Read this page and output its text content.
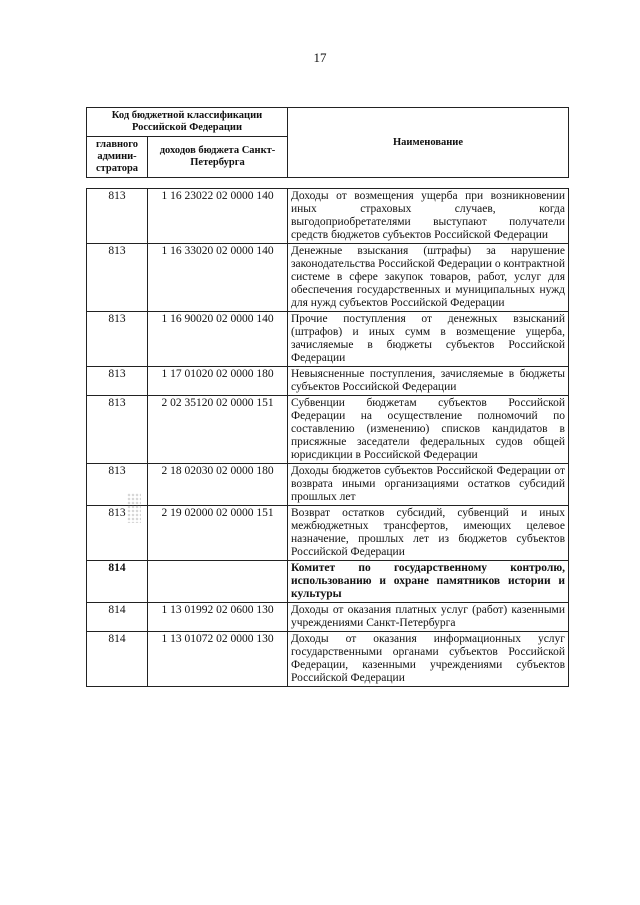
17
Код бюджетной классификации Российской Федерации		Наименование
главного админи-стратора	доходов бюджета Санкт-Петербурга	
813	1 16 23022 02 0000 140	Доходы от возмещения ущерба при возникновении иных страховых случаев, когда выгодоприобретателями выступают получатели средств бюджетов субъектов Российской Федерации
813	1 16 33020 02 0000 140	Денежные взыскания (штрафы) за нарушение законодательства Российской Федерации о контрактной системе в сфере закупок товаров, работ, услуг для обеспечения государственных и муниципальных нужд для нужд субъектов Российской Федерации
813	1 16 90020 02 0000 140	Прочие поступления от денежных взысканий (штрафов) и иных сумм в возмещение ущерба, зачисляемые в бюджеты субъектов Российской Федерации
813	1 17 01020 02 0000 180	Невыясненные поступления, зачисляемые в бюджеты субъектов Российской Федерации
813	2 02 35120 02 0000 151	Субвенции бюджетам субъектов Российской Федерации на осуществление полномочий по составлению (изменению) списков кандидатов в присяжные заседатели федеральных судов общей юрисдикции в Российской Федерации
813	2 18 02030 02 0000 180	Доходы бюджетов субъектов Российской Федерации от возврата иными организациями остатков субсидий прошлых лет
813	2 19 02000 02 0000 151	Возврат остатков субсидий, субвенций и иных межбюджетных трансфертов, имеющих целевое назначение, прошлых лет из бюджетов субъектов Российской Федерации
814		Комитет по государственному контролю, использованию и охране памятников истории и культуры
814	1 13 01992 02 0600 130	Доходы от оказания платных услуг (работ) казенными учреждениями Санкт-Петербурга
814	1 13 01072 02 0000 130	Доходы от оказания информационных услуг государственными органами субъектов Российской Федерации, казенными учреждениями субъектов Российской Федерации
